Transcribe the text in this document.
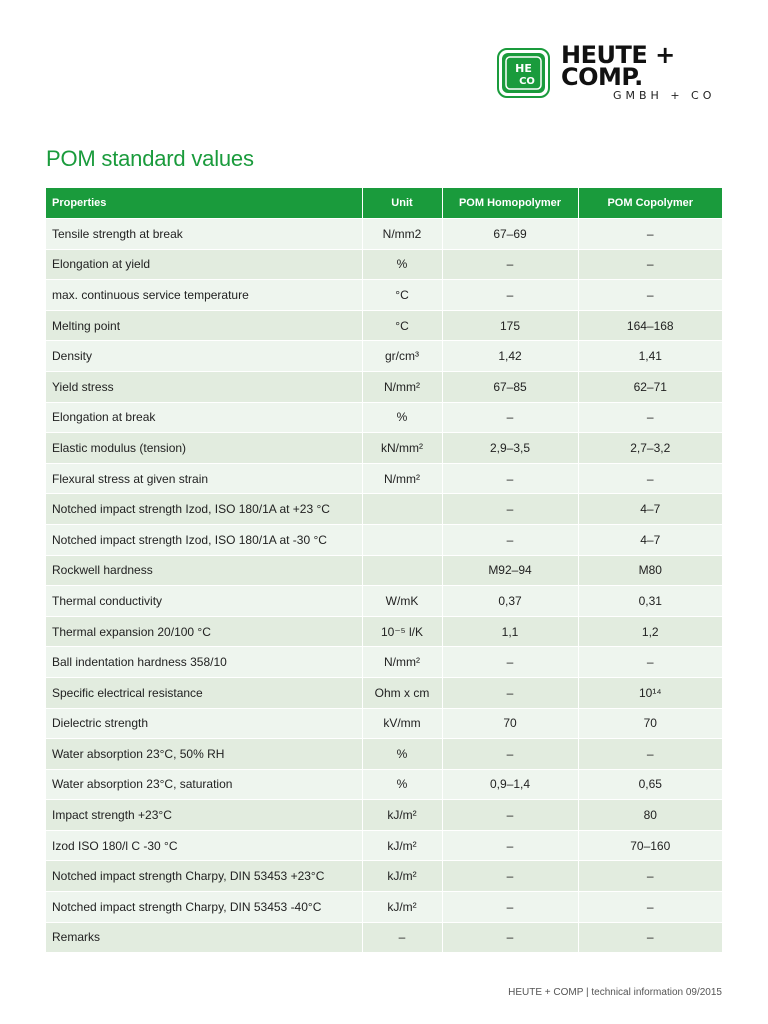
HE
CO
HEUTE +
COMP.
GMBH + CO
POM standard values
Properties	Unit	POM Homopolymer	POM Copolymer
Tensile strength at break	N/mm2	67–69	–
Elongation at yield	%	–	–
max. continuous service temperature	°C	–	–
Melting point	°C	175	164–168
Density	gr/cm³	1,42	1,41
Yield stress	N/mm²	67–85	62–71
Elongation at break	%	–	–
Elastic modulus (tension)	kN/mm²	2,9–3,5	2,7–3,2
Flexural stress at given strain	N/mm²	–	–
Notched impact strength Izod, ISO 180/1A at +23 °C		–	4–7
Notched impact strength Izod, ISO 180/1A at -30 °C		–	4–7
Rockwell hardness		M92–94	M80
Thermal conductivity	W/mK	0,37	0,31
Thermal expansion 20/100 °C	10⁻⁵ l/K	1,1	1,2
Ball indentation hardness 358/10	N/mm²	–	–
Specific electrical resistance	Ohm x cm	–	10¹⁴
Dielectric strength	kV/mm	70	70
Water absorption 23°C, 50% RH	%	–	–
Water absorption 23°C, saturation	%	0,9–1,4	0,65
Impact strength +23°C	kJ/m²	–	80
Izod ISO 180/l C -30 °C	kJ/m²	–	70–160
Notched impact strength Charpy, DIN 53453 +23°C	kJ/m²	–	–
Notched impact strength Charpy, DIN 53453 -40°C	kJ/m²	–	–
Remarks	–	–	–
HEUTE + COMP | technical information 09/2015
